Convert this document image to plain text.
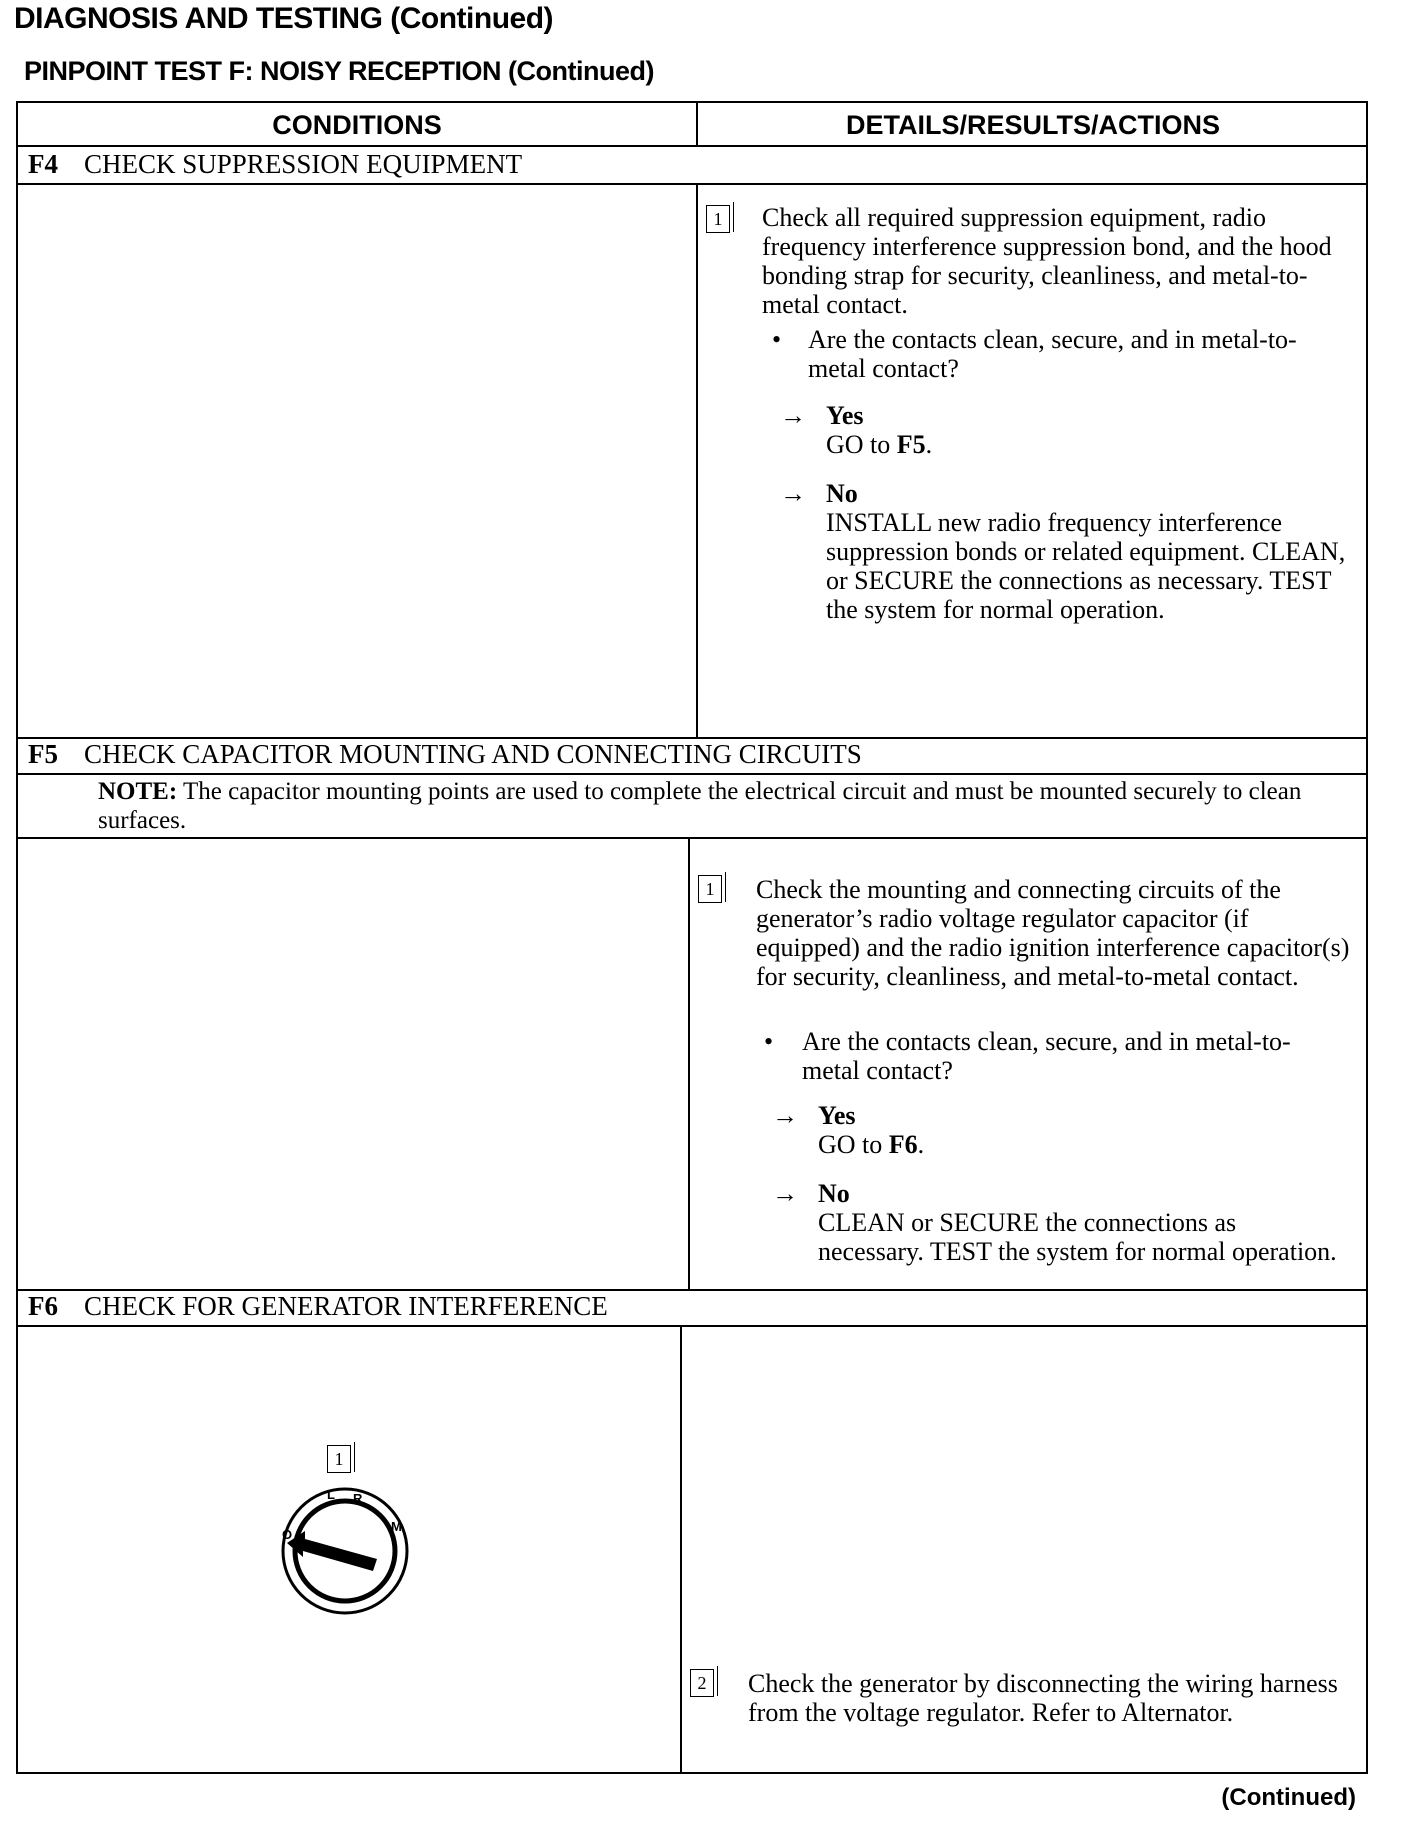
DIAGNOSIS AND TESTING (Continued)
PINPOINT TEST F: NOISY RECEPTION (Continued)
CONDITIONS	DETAILS/RESULTS/ACTIONS
F4 CHECK SUPPRESSION EQUIPMENT
1 Check all required suppression equipment, radio frequency interference suppression bond, and the hood bonding strap for security, cleanliness, and metal-to-metal contact.
• Are the contacts clean, secure, and in metal-to-metal contact?
→ Yes
GO to F5.
→ No
INSTALL new radio frequency interference suppression bonds or related equipment. CLEAN, or SECURE the connections as necessary. TEST the system for normal operation.
F5 CHECK CAPACITOR MOUNTING AND CONNECTING CIRCUITS
NOTE: The capacitor mounting points are used to complete the electrical circuit and must be mounted securely to clean surfaces.
1 Check the mounting and connecting circuits of the generator’s radio voltage regulator capacitor (if equipped) and the radio ignition interference capacitor(s) for security, cleanliness, and metal-to-metal contact.
• Are the contacts clean, secure, and in metal-to-metal contact?
→ Yes
GO to F6.
→ No
CLEAN or SECURE the connections as necessary. TEST the system for normal operation.
F6 CHECK FOR GENERATOR INTERFERENCE
2 Check the generator by disconnecting the wiring harness from the voltage regulator. Refer to Alternator.
1
O
L R
M
(Continued)
